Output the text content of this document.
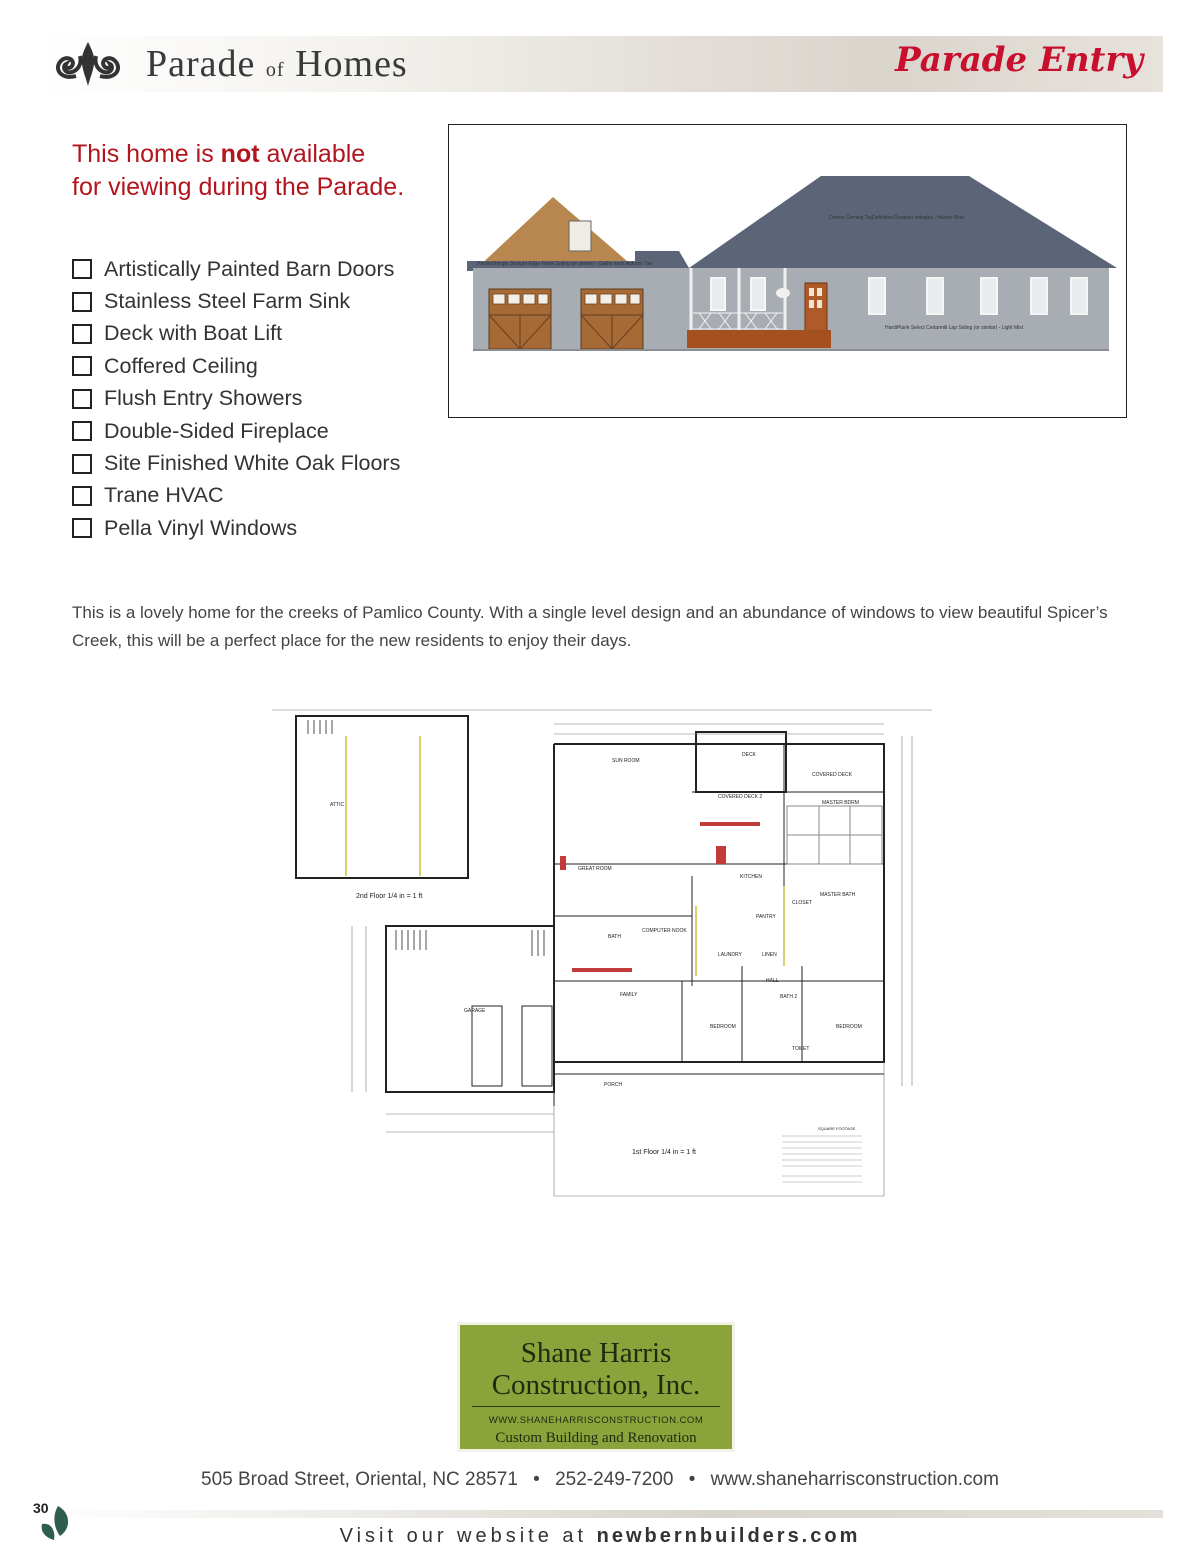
Parade of Homes	Parade Entry
This home is not available
for viewing during the Parade.
Artistically Painted Barn Doors
Stainless Steel Farm Sink
Deck with Boat Lift
Coffered Ceiling
Flush Entry Showers
Double-Sided Fireplace
Site Finished White Oak Floors
Trane HVAC
Pella Vinyl Windows
Owens Corning TruDefinition Duration shingles - Harbor Blue
HardieShingle Straight Edge Panel Siding (or similar) - Gable ends Autumn Tan
HardiPlank Select Cedarmill Lap Siding (or similar) - Light Mist
This is a lovely home for the creeks of Pamlico County. With a single level design and an abundance of windows to view beautiful Spicer’s Creek, this will be a perfect place for the new residents to enjoy their days.
ATTIC
SUN ROOM
DECK
COVERED DECK
COVERED DECK 2
MASTER BDRM
GREAT ROOM
KITCHEN
PANTRY
CLOSET
MASTER BATH
COMPUTER NOOK
BATH
LAUNDRY	LINEN
FAMILY
GARAGE
BEDROOM
BATH 2
TOILET
BEDROOM
PORCH
HALL
2nd Floor 1/4 in = 1 ft
1st Floor 1/4 in = 1 ft
SQUARE FOOTAGE
Shane Harris
Construction, Inc.
WWW.SHANEHARRISCONSTRUCTION.COM
Custom Building and Renovation
505 Broad Street, Oriental, NC 28571 • 252-249-7200 • www.shaneharrisconstruction.com
30
Visit our website at newbernbuilders.com
